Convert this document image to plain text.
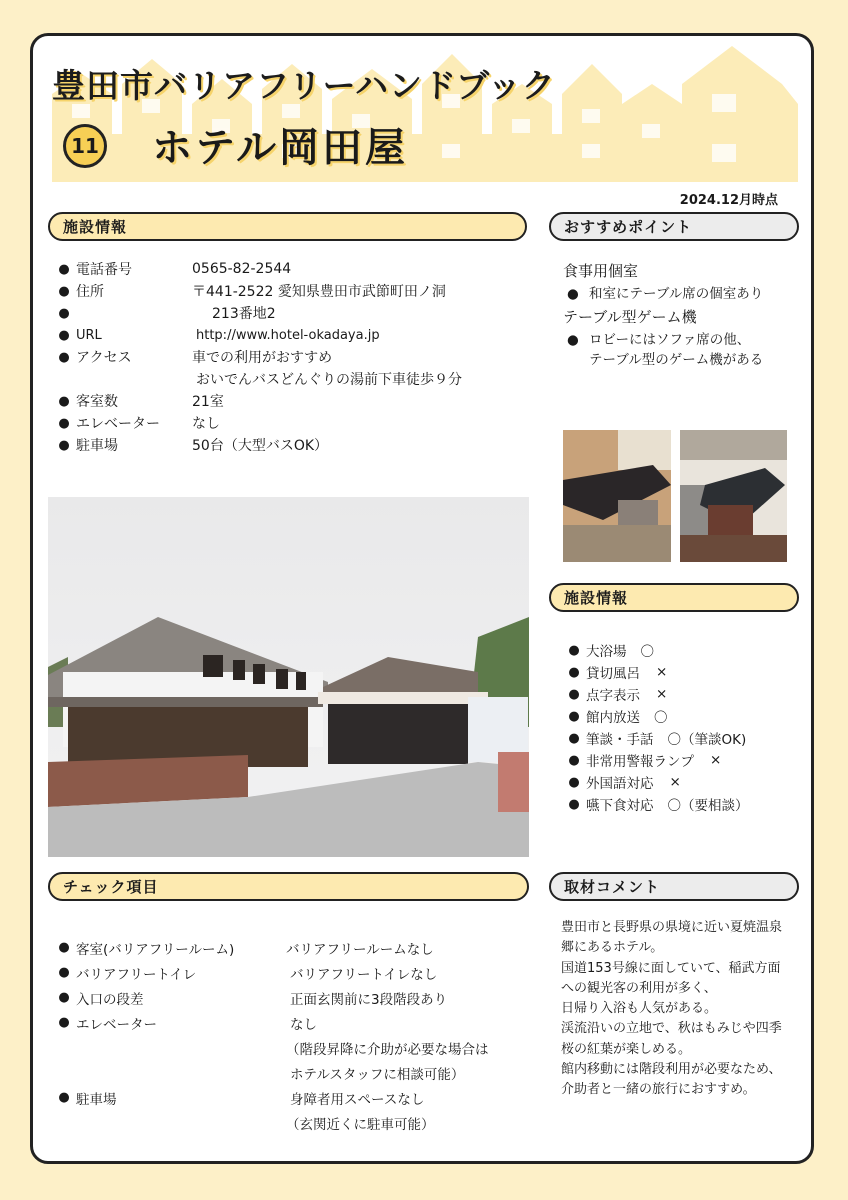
豊田市バリアフリーハンドブック
11 ホテル岡田屋
2024.12月時点
施設情報
● 電話番号	0565-82-2544
● 住所	〒441-2522 愛知県豊田市武節町田ノ洞
●	213番地2
● URL	http://www.hotel-okadaya.jp
● アクセス	車での利用がおすすめ
おいでんバスどんぐりの湯前下車徒歩９分
● 客室数	21室
● エレベーター	なし
● 駐車場	50台（大型バスOK）
おすすめポイント
食事用個室
● 和室にテーブル席の個室あり
テーブル型ゲーム機
● ロビーにはソファ席の他、
テーブル型のゲーム機がある
施設情報
● 大浴場 〇
● 貸切風呂 ×
● 点字表示 ×
● 館内放送 〇
● 筆談・手話 〇（筆談OK)
● 非常用警報ランプ ×
● 外国語対応 ×
● 嚥下食対応 〇（要相談）
チェック項目
● 客室(バリアフリールーム)	バリアフリールームなし
● バリアフリートイレ	バリアフリートイレなし
● 入口の段差	正面玄関前に3段階段あり
● エレベーター	なし
（階段昇降に介助が必要な場合は
ホテルスタッフに相談可能）
● 駐車場	身障者用スペースなし
（玄関近くに駐車可能）
取材コメント
豊田市と長野県の県境に近い夏焼温泉
郷にあるホテル。
国道153号線に面していて、稲武方面
への観光客の利用が多く、
日帰り入浴も人気がある。
渓流沿いの立地で、秋はもみじや四季
桜の紅葉が楽しめる。
館内移動には階段利用が必要なため、
介助者と一緒の旅行におすすめ。
